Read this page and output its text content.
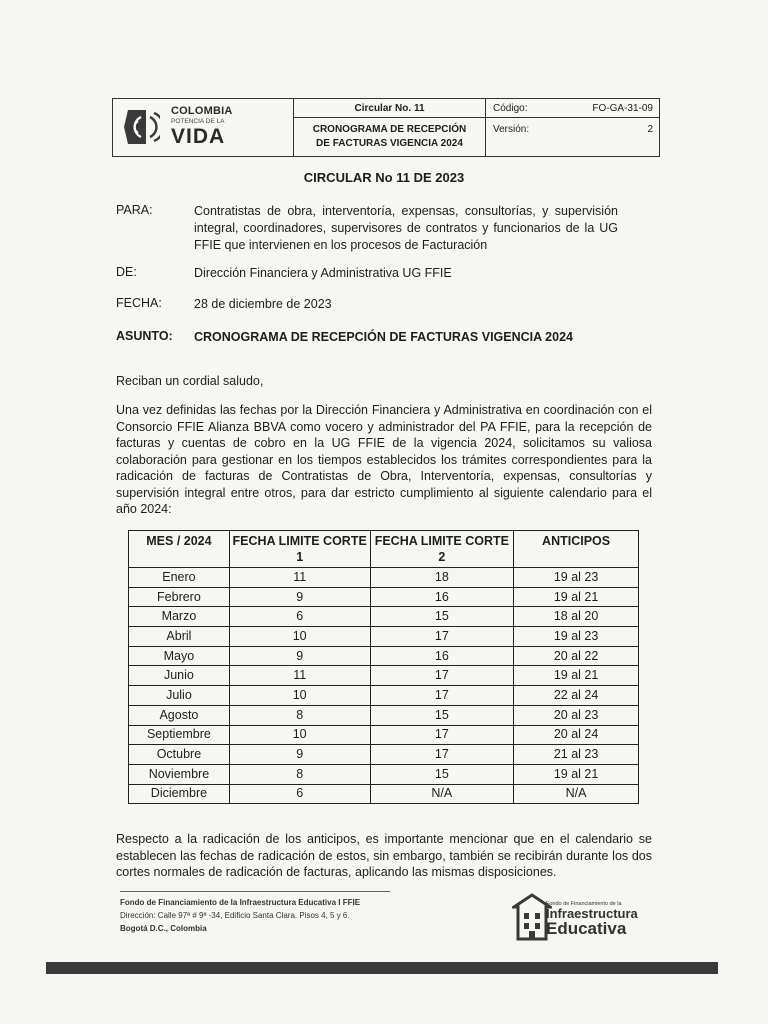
COLOMBIA
POTENCIA DE LA
VIDA
Circular No. 11
CRONOGRAMA DE RECEPCIÓN
DE FACTURAS VIGENCIA 2024
Código:	FO-GA-31-09
Versión:	2
CIRCULAR No 11 DE 2023
PARA:	Contratistas de obra, interventoría, expensas, consultorías, y supervisión integral, coordinadores, supervisores de contratos y funcionarios de la UG FFIE que intervienen en los procesos de Facturación
DE:	Dirección Financiera y Administrativa UG FFIE
FECHA:	28 de diciembre de 2023
ASUNTO: CRONOGRAMA DE RECEPCIÓN DE FACTURAS VIGENCIA 2024
Reciban un cordial saludo,
Una vez definidas las fechas por la Dirección Financiera y Administrativa en coordinación con el Consorcio FFIE Alianza BBVA como vocero y administrador del PA FFIE, para la recepción de facturas y cuentas de cobro en la UG FFIE de la vigencia 2024, solicitamos su valiosa colaboración para gestionar en los tiempos establecidos los trámites correspondientes para la radicación de facturas de Contratistas de Obra, Interventoría, expensas, consultorías y supervisión integral entre otros, para dar estricto cumplimiento al siguiente calendario para el año 2024:
MES / 2024	FECHA LIMITE CORTE 1	FECHA LIMITE CORTE 2	ANTICIPOS
Enero	11	18	19 al 23
Febrero	9	16	19 al 21
Marzo	6	15	18 al 20
Abril	10	17	19 al 23
Mayo	9	16	20 al 22
Junio	11	17	19 al 21
Julio	10	17	22 al 24
Agosto	8	15	20 al 23
Septiembre	10	17	20 al 24
Octubre	9	17	21 al 23
Noviembre	8	15	19 al 21
Diciembre	6	N/A	N/A
Respecto a la radicación de los anticipos, es importante mencionar que en el calendario se establecen las fechas de radicación de estos, sin embargo, también se recibirán durante los dos cortes normales de radicación de facturas, aplicando las mismas disposiciones.
Fondo de Financiamiento de la Infraestructura Educativa I FFIE
Dirección: Calle 97ª # 9ª -34, Edificio Santa Clara. Pisos 4, 5 y 6.
Bogotá D.C., Colombia
Fondo de Financiamiento de la
Infraestructura
Educativa
